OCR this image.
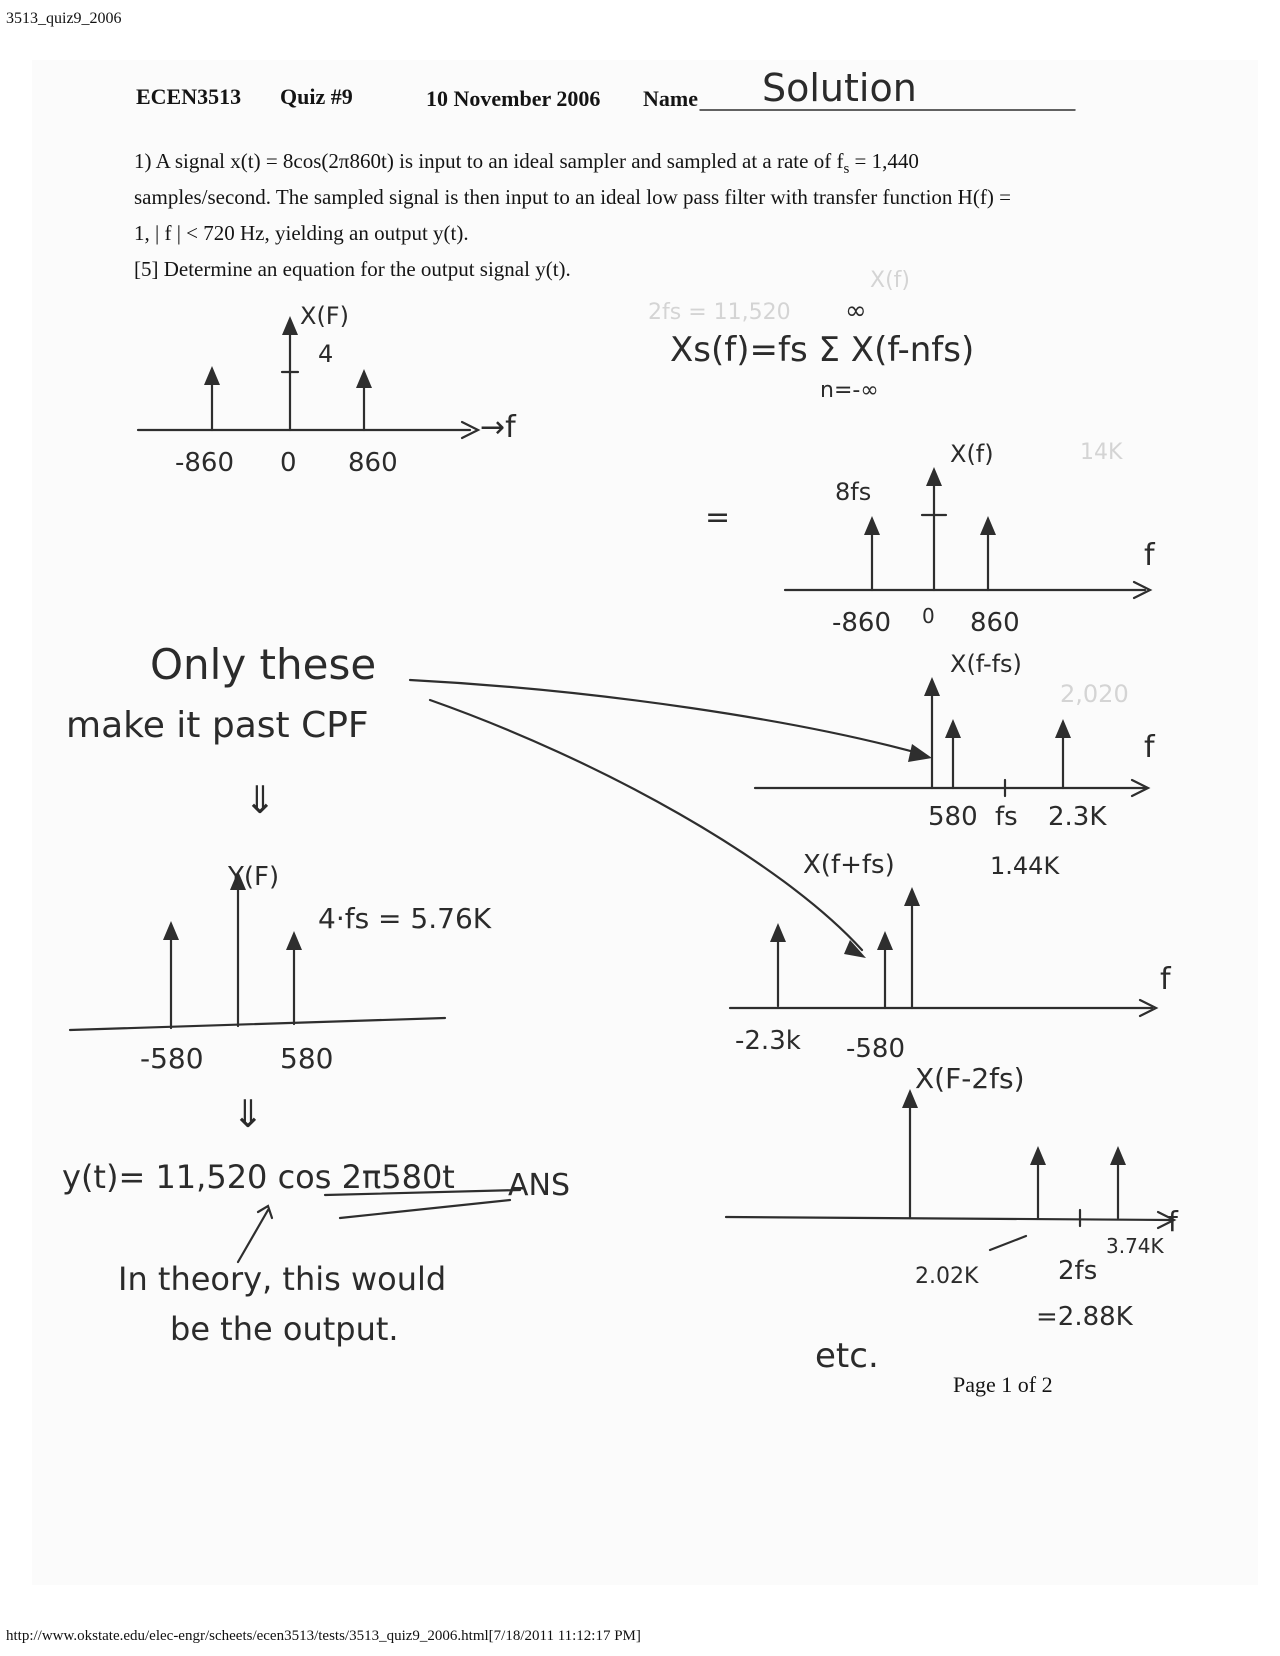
3513_quiz9_2006
2fs = 11,520
X(f)
14K
2,020
ECEN3513 Quiz #9	10 November 2006 Name Solution
1) A signal x(t) = 8cos(2π860t) is input to an ideal sampler and sampled at a rate of $f_s = 1,440$
samples/second. The sampled signal is then input to an ideal low pass filter with transfer function H(f) =
1, | f | < 720 Hz, yielding an output y(t).
[5] Determine an equation for the output signal y(t).
X(F)
4
-860 0 860
→f
∞
Xs(f)=fs Σ X(f-nfs)
n=-∞
=
X(f)
8fs
f
-860 0 860
Only these
make it past CPF
⇓
X(f-fs)
f
580 fs 2.3K
1.44K
Y(F)
4·fs = 5.76K
-580	580
X(f+fs)
f
-2.3k -580
⇓
X(F-2fs)
f
2.02K	2fs
3.74K
=2.88K
y(t)= 11,520 cos 2π580t ANS
In theory, this would
be the output.
etc.
Page 1 of 2
http://www.okstate.edu/elec-engr/scheets/ecen3513/tests/3513_quiz9_2006.html[7/18/2011 11:12:17 PM]
